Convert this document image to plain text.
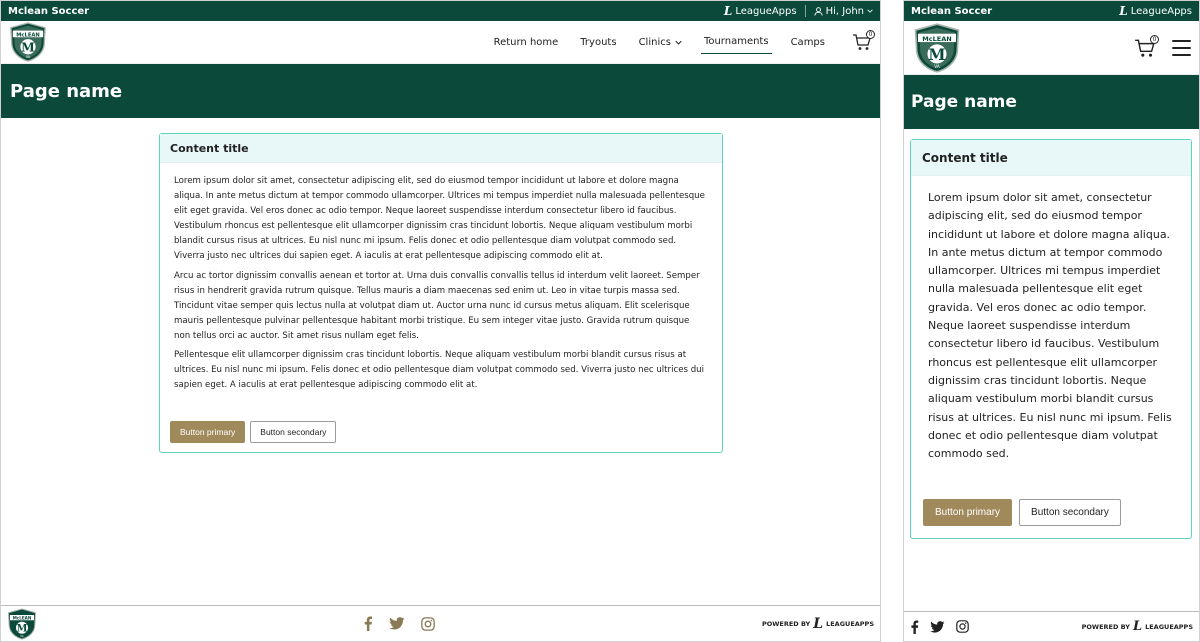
Mclean Soccer	L LeagueApps	Hi, John
McLEAN
M
VA
Return home	Tryouts	Clinics	Tournaments	Camps
0
Page name
Content title

Lorem ipsum dolor sit amet, consectetur adipiscing elit, sed do eiusmod tempor incididunt ut labore et dolore magna aliqua. In ante metus dictum at tempor commodo ullamcorper. Ultrices mi tempus imperdiet nulla malesuada pellentesque elit eget gravida. Vel eros donec ac odio tempor. Neque laoreet suspendisse interdum consectetur libero id faucibus. Vestibulum rhoncus est pellentesque elit ullamcorper dignissim cras tincidunt lobortis. Neque aliquam vestibulum morbi blandit cursus risus at ultrices. Eu nisl nunc mi ipsum. Felis donec et odio pellentesque diam volutpat commodo sed. Viverra justo nec ultrices dui sapien eget. A iaculis at erat pellentesque adipiscing commodo elit at.

Arcu ac tortor dignissim convallis aenean et tortor at. Urna duis convallis convallis tellus id interdum velit laoreet. Semper risus in hendrerit gravida rutrum quisque. Tellus mauris a diam maecenas sed enim ut. Leo in vitae turpis massa sed. Tincidunt vitae semper quis lectus nulla at volutpat diam ut. Auctor urna nunc id cursus metus aliquam. Elit scelerisque mauris pellentesque pulvinar pellentesque habitant morbi tristique. Eu sem integer vitae justo. Gravida rutrum quisque non tellus orci ac auctor. Sit amet risus nullam eget felis.

Pellentesque elit ullamcorper dignissim cras tincidunt lobortis. Neque aliquam vestibulum morbi blandit cursus risus at ultrices. Eu nisl nunc mi ipsum. Felis donec et odio pellentesque diam volutpat commodo sed. Viverra justo nec ultrices dui sapien eget. A iaculis at erat pellentesque adipiscing commodo elit at.

Button primary	Button secondary
McLEAN
M
VA
POWERED BY L LEAGUEAPPS
Mclean Soccer	L LeagueApps
McLEAN
M
VA
0
Page name
Content title

Lorem ipsum dolor sit amet, consectetur adipiscing elit, sed do eiusmod tempor incididunt ut labore et dolore magna aliqua. In ante metus dictum at tempor commodo ullamcorper. Ultrices mi tempus imperdiet nulla malesuada pellentesque elit eget gravida. Vel eros donec ac odio tempor. Neque laoreet suspendisse interdum consectetur libero id faucibus. Vestibulum rhoncus est pellentesque elit ullamcorper dignissim cras tincidunt lobortis. Neque aliquam vestibulum morbi blandit cursus risus at ultrices. Eu nisl nunc mi ipsum. Felis donec et odio pellentesque diam volutpat commodo sed.

Button primary	Button secondary
POWERED BY L LEAGUEAPPS
